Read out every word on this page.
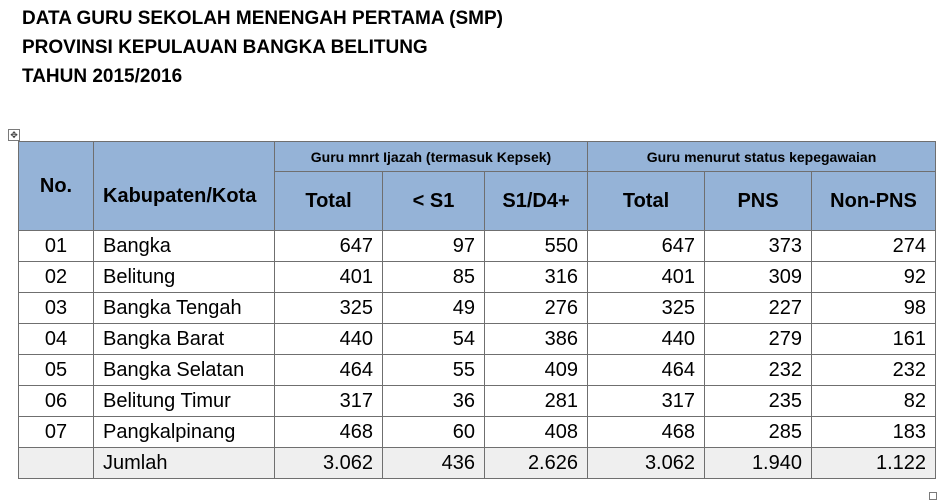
DATA GURU SEKOLAH MENENGAH PERTAMA (SMP)
PROVINSI KEPULAUAN BANGKA BELITUNG
TAHUN 2015/2016
✥
No.	Kabupaten/Kota	Guru mnrt Ijazah (termasuk Kepsek)			Guru menurut status kepegawaian		
		Total	< S1	S1/D4+	Total	PNS	Non-PNS
01	Bangka	647	97	550	647	373	274
02	Belitung	401	85	316	401	309	92
03	Bangka Tengah	325	49	276	325	227	98
04	Bangka Barat	440	54	386	440	279	161
05	Bangka Selatan	464	55	409	464	232	232
06	Belitung Timur	317	36	281	317	235	82
07	Pangkalpinang	468	60	408	468	285	183
	Jumlah	3.062	436	2.626	3.062	1.940	1.122
